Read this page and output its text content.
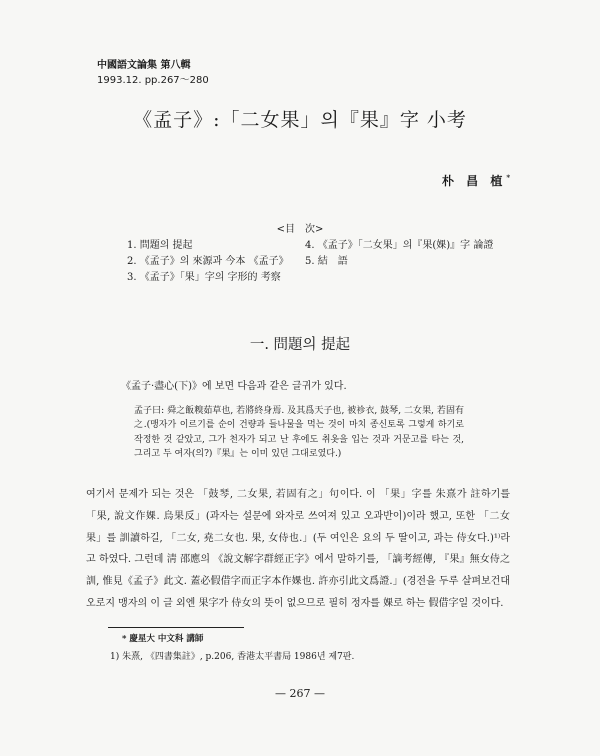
中國語文論集 第八輯
1993.12. pp.267～280
《孟子》:「二女果」의『果』字 小考
朴 昌 植*
<目　次>
1. 問題의 提起	4. 《孟子》「二女果」의『果(婐)』字 論證
2. 《孟子》의 來源과 今本 《孟子》	5. 結　語
3. 《孟子》「果」字의 字形的 考察
一. 問題의 提起
《孟子·盡心(下)》에 보면 다음과 같은 글귀가 있다.
孟子曰: 舜之飯糗茹草也, 若將終身焉. 及其爲天子也, 被袗衣, 鼓琴, 二女果, 若固有之.(맹자가 이르기를 순이 건량과 들나물을 먹는 것이 마치 종신토록 그렇게 하기로 작정한 것 같았고, 그가 천자가 되고 난 후에도 취옷을 입는 것과 거문고를 타는 것, 그리고 두 여자(의?)『果』는 이미 있던 그대로였다.)
여기서 문제가 되는 것은 「鼓琴, 二女果, 若固有之」句이다. 이 「果」字를 朱熹가 註하기를 「果, 說文作婐. 烏果反」(과자는 설문에 와자로 쓰여져 있고 오과반이)이라 했고, 또한 「二女果」를 訓讀하길, 「二女, 堯二女也. 果, 女侍也.」(두 여인은 요의 두 딸이고, 과는 侍女다.)¹⁾라고 하였다. 그런데 淸 邵應의 《說文解字群經正字》에서 말하기를, 「謫考經傳, 『果』無女侍之訓, 惟見《孟子》此文. 蓋必假借字而正字本作婐也. 許亦引此文爲證.」(경전을 두루 살펴보건대 오로지 맹자의 이 글 외엔 果字가 侍女의 뜻이 없으므로 필히 정자를 婐로 하는 假借字일 것이다.
* 慶星大 中文科 講師
1) 朱熹, 《四書集註》, p.206, 香港太平書局 1986년 제7판.
— 267 —
